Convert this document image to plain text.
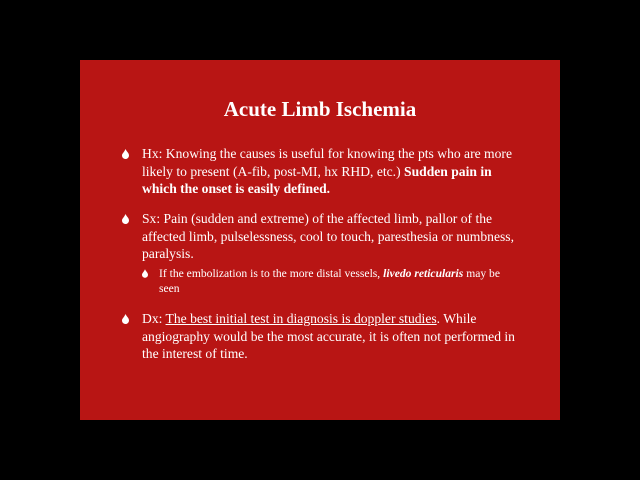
Acute Limb Ischemia
Hx: Knowing the causes is useful for knowing the pts who are more likely to present (A-fib, post-MI, hx RHD, etc.) Sudden pain in which the onset is easily defined.
Sx: Pain (sudden and extreme) of the affected limb, pallor of the affected limb, pulselessness, cool to touch, paresthesia or numbness, paralysis.
If the embolization is to the more distal vessels, livedo reticularis may be seen
Dx: The best initial test in diagnosis is doppler studies. While angiography would be the most accurate, it is often not performed in the interest of time.
